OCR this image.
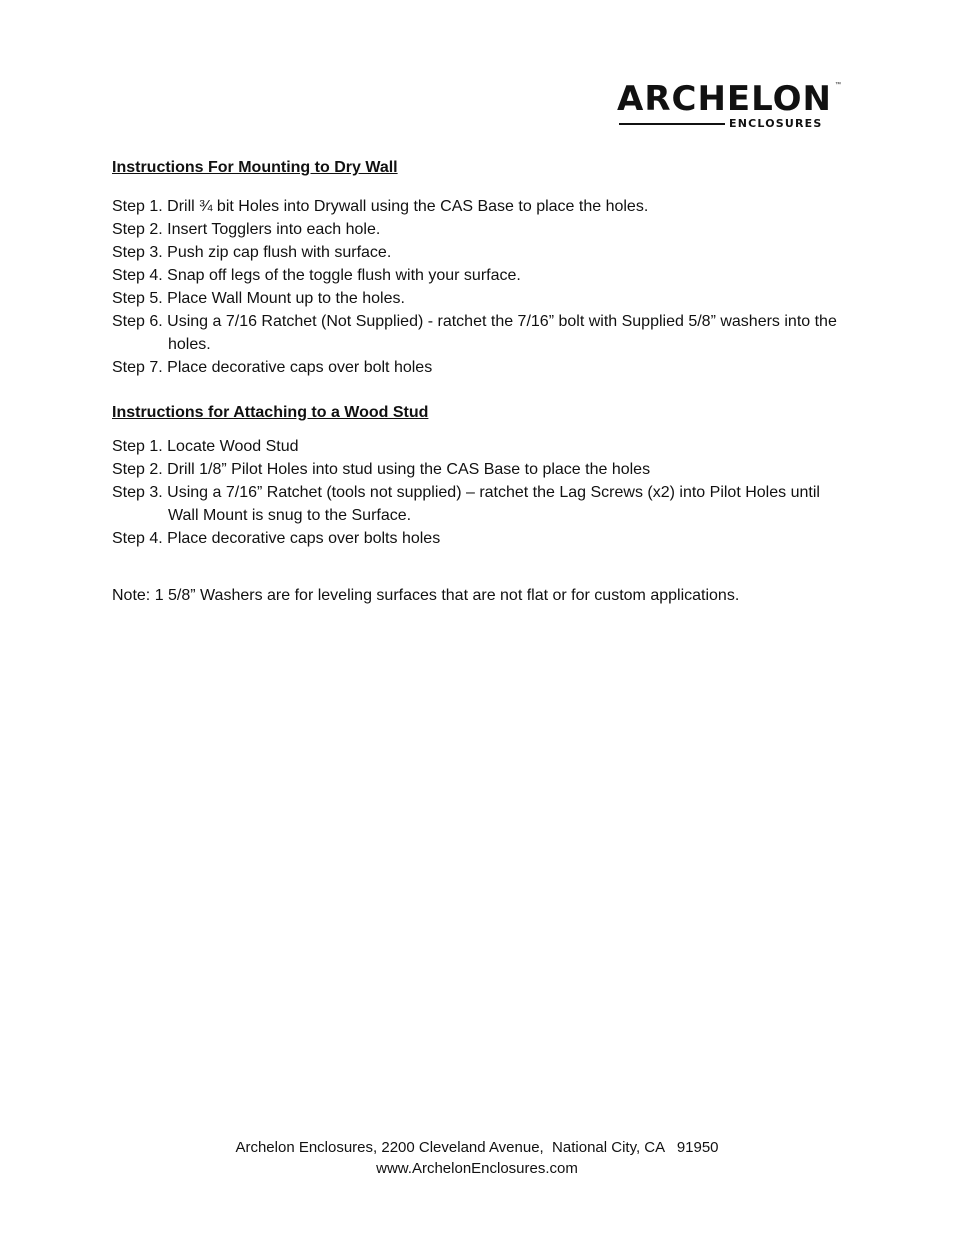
ARCHELON ™
ENCLOSURES
Instructions For Mounting to Dry Wall
Step 1. Drill ¾ bit Holes into Drywall using the CAS Base to place the holes.
Step 2. Insert Togglers into each hole.
Step 3. Push zip cap flush with surface.
Step 4. Snap off legs of the toggle flush with your surface.
Step 5. Place Wall Mount up to the holes.
Step 6. Using a 7/16 Ratchet (Not Supplied) - ratchet the 7/16” bolt with Supplied 5/8” washers into the holes.
Step 7. Place decorative caps over bolt holes
Instructions for Attaching to a Wood Stud
Step 1. Locate Wood Stud
Step 2. Drill 1/8” Pilot Holes into stud using the CAS Base to place the holes
Step 3. Using a 7/16” Ratchet (tools not supplied) – ratchet the Lag Screws (x2) into Pilot Holes until Wall Mount is snug to the Surface.
Step 4. Place decorative caps over bolts holes
Note: 1 5/8” Washers are for leveling surfaces that are not flat or for custom applications.
Archelon Enclosures, 2200 Cleveland Avenue,  National City, CA   91950
www.ArchelonEnclosures.com
